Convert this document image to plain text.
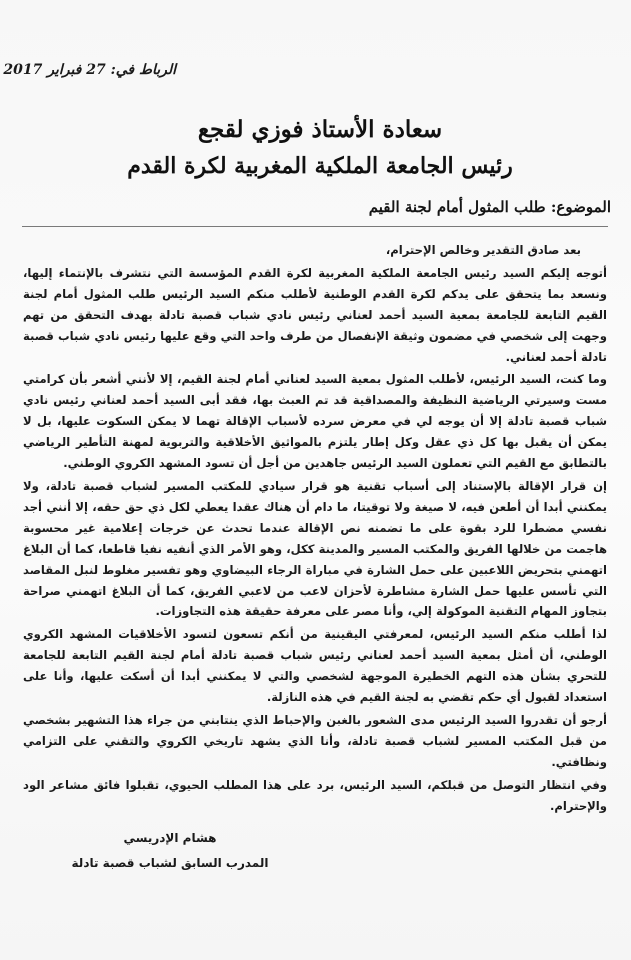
الرباط في: 27 فبراير 2017
سعادة الأستاذ فوزي لقجع
رئيس الجامعة الملكية المغربية لكرة القدم
الموضوع: طلب المثول أمام لجنة القيم

بعد صادق التقدير وخالص الإحترام،

أتوجه إليكم السيد رئيس الجامعة الملكية المغربية لكرة القدم المؤسسة التي نتشرف بالإنتماء إليها، ونسعد بما يتحقق على يدكم لكرة القدم الوطنية لأطلب منكم السيد الرئيس طلب المثول أمام لجنة القيم التابعة للجامعة بمعية السيد أحمد لعناني رئيس نادي شباب قصبة تادلة بهدف التحقق من تهم وجهت إلى شخصي في مضمون وثيقة الإنفصال من طرف واحد التي وقع عليها رئيس نادي شباب قصبة تادلة أحمد لعناني.

وما كنت، السيد الرئيس، لأطلب المثول بمعية السيد لعناني أمام لجنة القيم، إلا لأنني أشعر بأن كرامتي مست وسيرتي الرياضية النظيفة والمصداقية قد تم العبث بها، فقد أبى السيد أحمد لعناني رئيس نادي شباب قصبة تادلة إلا أن يوجه لي في معرض سرده لأسباب الإقالة تهما لا يمكن السكوت عليها، بل لا يمكن أن يقبل بها كل ذي عقل وكل إطار يلتزم بالمواثيق الأخلاقية والتربوية لمهنة التأطير الرياضي بالتطابق مع القيم التي تعملون السيد الرئيس جاهدين من أجل أن تسود المشهد الكروي الوطني.

إن قرار الإقالة بالإستناد إلى أسباب تقنية هو قرار سيادي للمكتب المسير لشباب قصبة تادلة، ولا يمكنني أبدا أن أطعن فيه، لا صيغة ولا توقيتا، ما دام أن هناك عقدا يعطي لكل ذي حق حقه، إلا أنني أجد نفسي مضطرا للرد بقوة على ما تضمنه نص الإقالة عندما تحدث عن خرجات إعلامية غير محسوبة هاجمت من خلالها الفريق والمكتب المسير والمدينة ككل، وهو الأمر الذي أنفيه نفيا قاطعا، كما أن البلاغ اتهمني بتحريض اللاعبين على حمل الشارة في مباراة الرجاء البيضاوي وهو تفسير مغلوط لنبل المقاصد التي تأسس عليها حمل الشارة مشاطرة لأحزان لاعب من لاعبي الفريق، كما أن البلاغ اتهمني صراحة بتجاوز المهام التقنية الموكولة إلي، وأنا مصر على معرفة حقيقة هذه التجاوزات.

لذا أطلب منكم السيد الرئيس، لمعرفتي اليقينية من أنكم تسعون لتسود الأخلاقيات المشهد الكروي الوطني، أن أمثل بمعية السيد أحمد لعناني رئيس شباب قصبة تادلة أمام لجنة القيم التابعة للجامعة للتحري بشأن هذه التهم الخطيرة الموجهة لشخصي والتي لا يمكنني أبدا أن أسكت عليها، وأنا على استعداد لقبول أي حكم تقضي به لجنة القيم في هذه النازلة.

أرجو أن تقدروا السيد الرئيس مدى الشعور بالغبن والإحباط الذي ينتابني من جراء هذا التشهير بشخصي من قبل المكتب المسير لشباب قصبة تادلة، وأنا الذي يشهد تاريخي الكروي والتقني على التزامي ونظافتي.

وفي انتظار التوصل من قبلكم، السيد الرئيس، برد على هذا المطلب الحيوي، تقبلوا فائق مشاعر الود والإحترام.

هشام الإدريسي
المدرب السابق لشباب قصبة تادلة
